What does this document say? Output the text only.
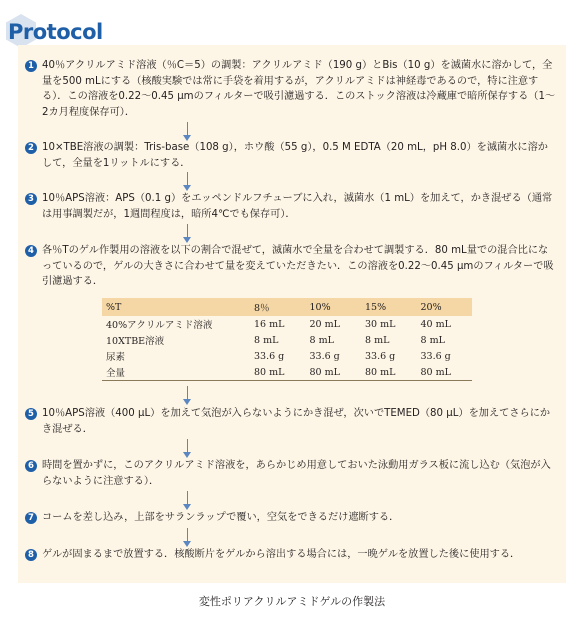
Protocol
1 40％アクリルアミド溶液（％C＝5）の調製：アクリルアミド（190 g）とBis（10 g）を滅菌水に溶かして，全量を500 mLにする（核酸実験では常に手袋を着用するが，アクリルアミドは神経毒であるので，特に注意する）．この溶液を0.22～0.45 μmのフィルターで吸引濾過する．このストック溶液は冷蔵庫で暗所保存する（1～2カ月程度保存可）．
2 10×TBE溶液の調製：Tris-base（108 g），ホウ酸（55 g），0.5 M EDTA（20 mL，pH 8.0）を滅菌水に溶かして，全量を1リットルにする．
3 10％APS溶液：APS（0.1 g）をエッペンドルフチューブに入れ，滅菌水（1 mL）を加えて，かき混ぜる（通常は用事調製だが，1週間程度は，暗所4℃でも保存可）．
4 各％Tのゲル作製用の溶液を以下の割合で混ぜて，滅菌水で全量を合わせて調製する．80 mL量での混合比になっているので，ゲルの大きさに合わせて量を変えていただきたい．この溶液を0.22～0.45 μmのフィルターで吸引濾過する．
%T	8％	10%	15%	20%
40%アクリルアミド溶液	16 mL	20 mL	30 mL	40 mL
10XTBE溶液	8 mL	8 mL	8 mL	8 mL
尿素	33.6 g	33.6 g	33.6 g	33.6 g
全量	80 mL	80 mL	80 mL	80 mL
5 10％APS溶液（400 μL）を加えて気泡が入らないようにかき混ぜ，次いでTEMED（80 μL）を加えてさらにかき混ぜる．
6 時間を置かずに，このアクリルアミド溶液を，あらかじめ用意しておいた泳動用ガラス板に流し込む（気泡が入らないように注意する）．
7 コームを差し込み，上部をサランラップで覆い，空気をできるだけ遮断する．
8 ゲルが固まるまで放置する．核酸断片をゲルから溶出する場合には，一晩ゲルを放置した後に使用する．
変性ポリアクリルアミドゲルの作製法
